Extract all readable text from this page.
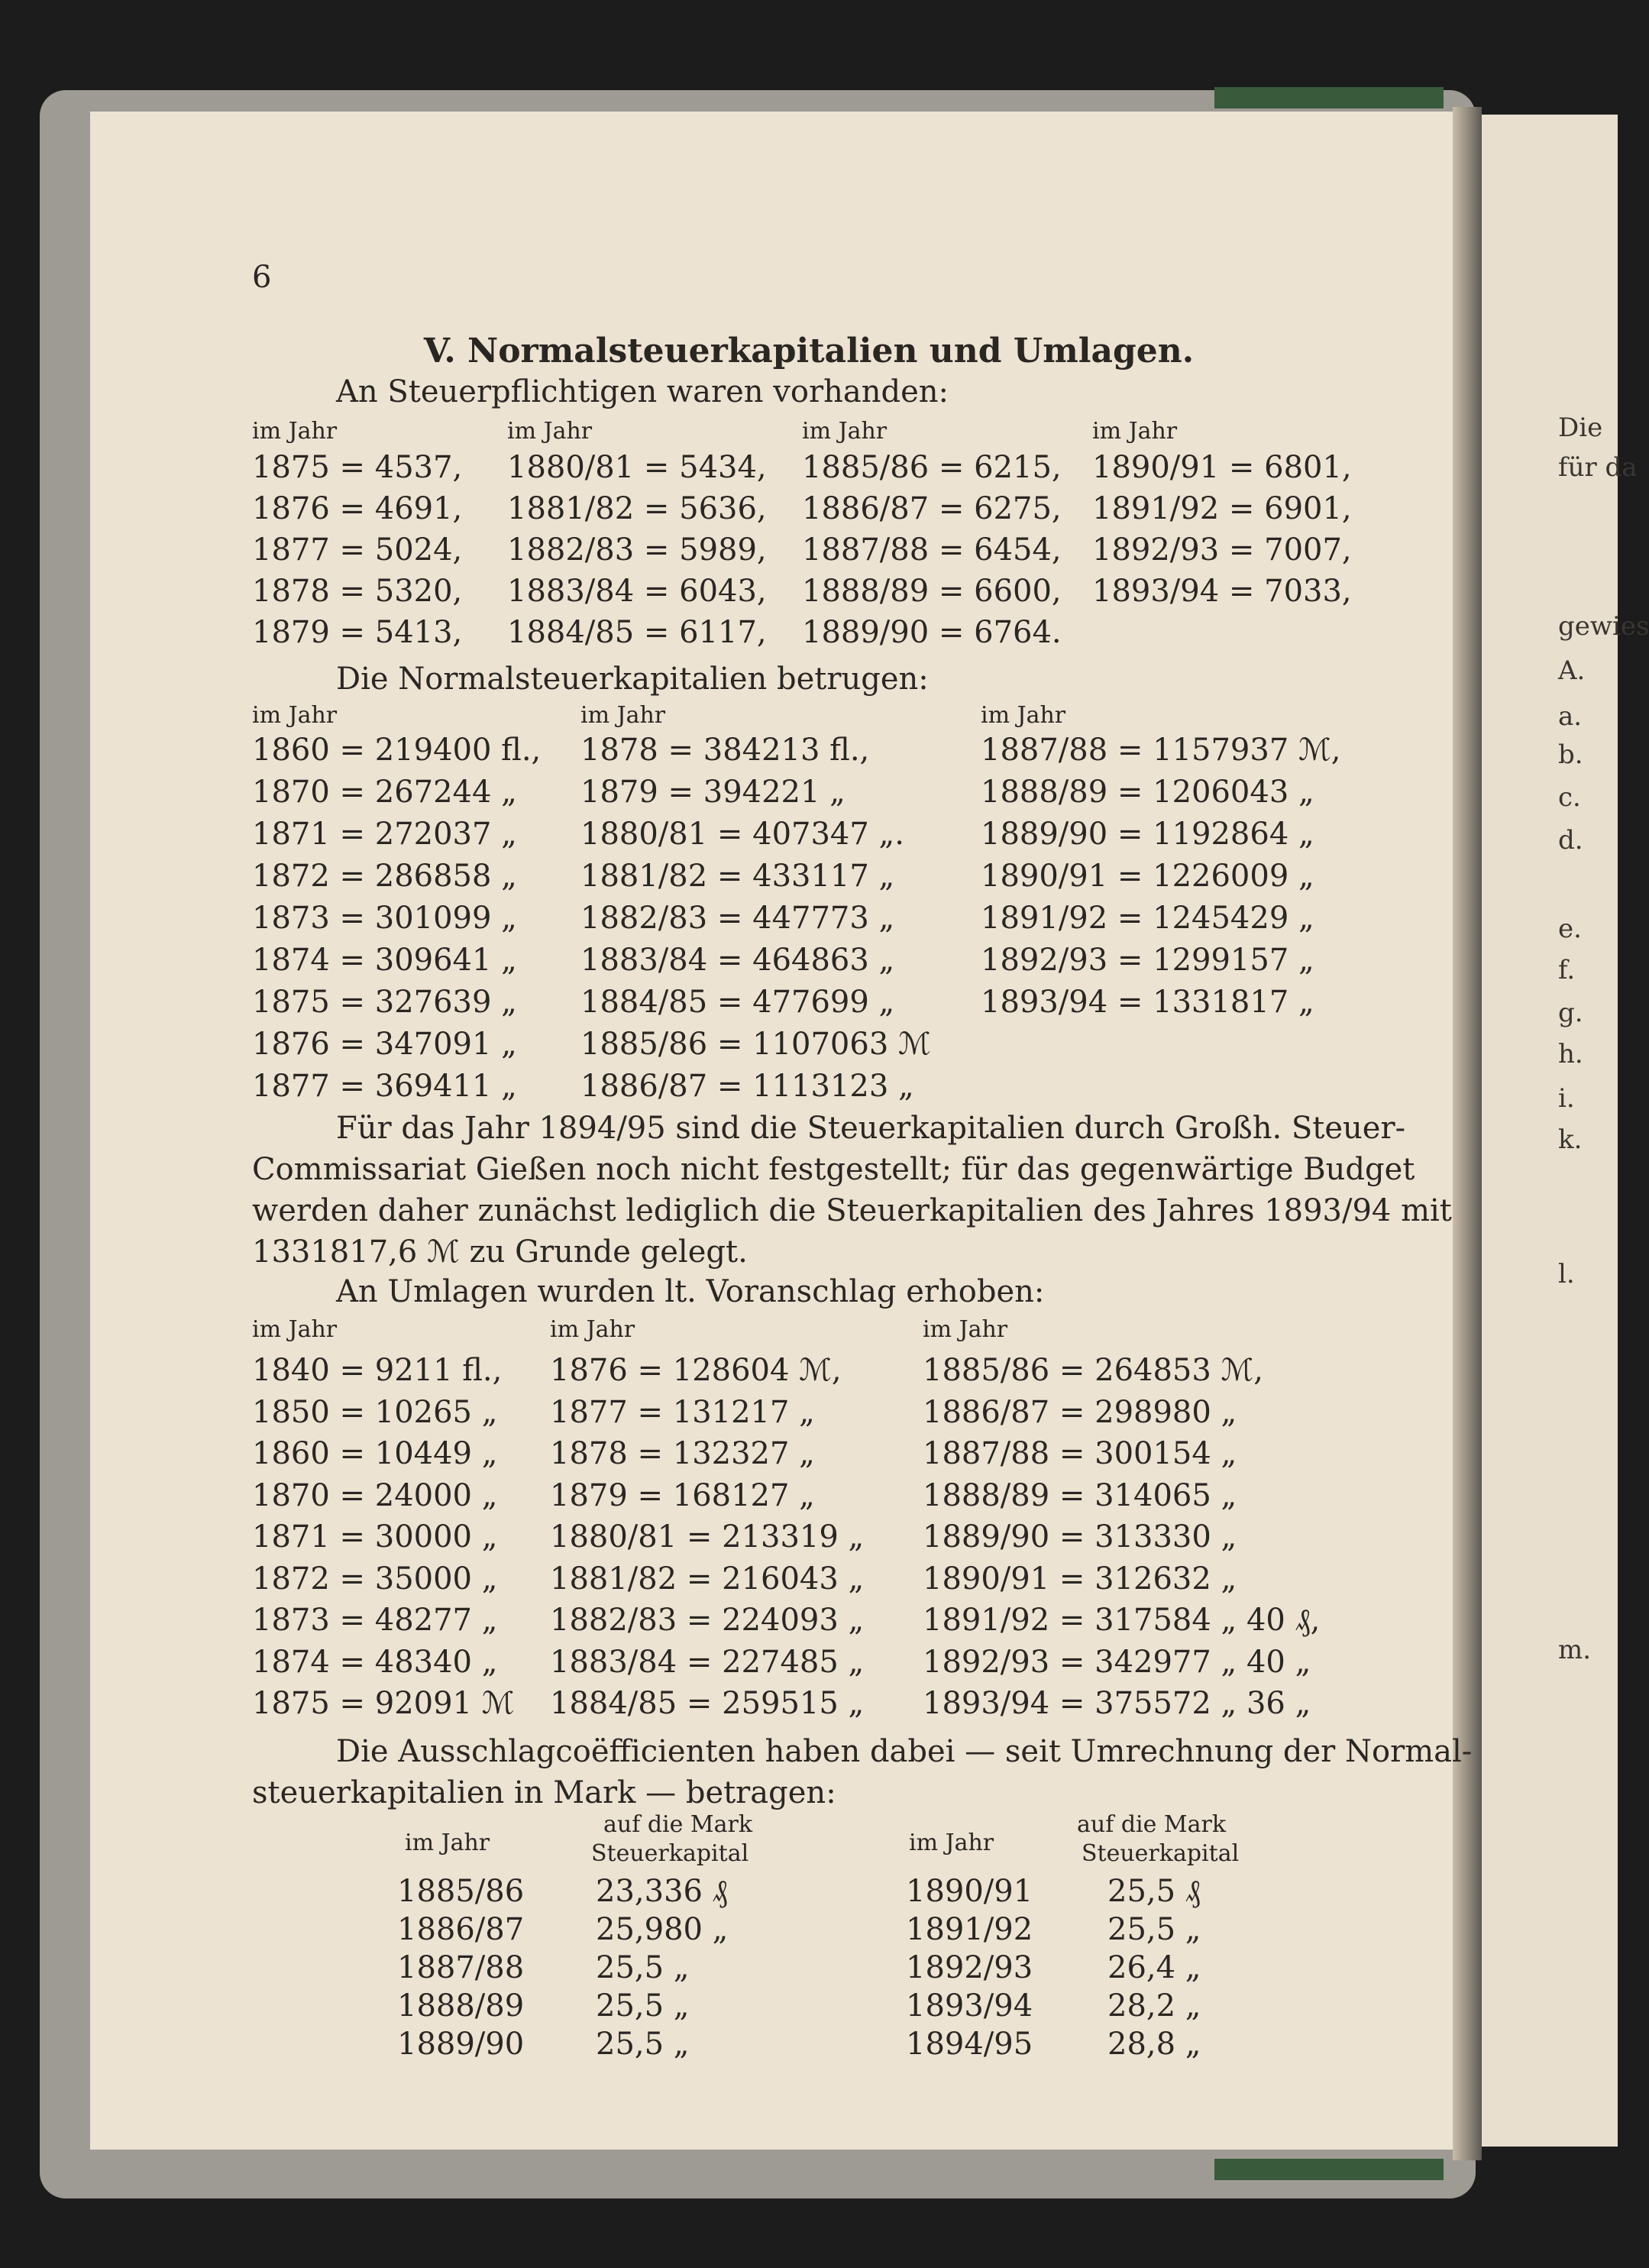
6
V. Normalsteuerkapitalien und Umlagen.
An Steuerpflichtigen waren vorhanden:
im Jahr
1875 = 4537,
1876 = 4691,
1877 = 5024,
1878 = 5320,
1879 = 5413,
im Jahr
1880/81 = 5434,
1881/82 = 5636,
1882/83 = 5989,
1883/84 = 6043,
1884/85 = 6117,
im Jahr
1885/86 = 6215,
1886/87 = 6275,
1887/88 = 6454,
1888/89 = 6600,
1889/90 = 6764.
im Jahr
1890/91 = 6801,
1891/92 = 6901,
1892/93 = 7007,
1893/94 = 7033,
Die Normalsteuerkapitalien betrugen:
im Jahr
1860 = 219400 fl.,
1870 = 267244 „
1871 = 272037 „
1872 = 286858 „
1873 = 301099 „
1874 = 309641 „
1875 = 327639 „
1876 = 347091 „
1877 = 369411 „
im Jahr
1878 = 384213 fl.,
1879 = 394221 „
1880/81 = 407347 „.
1881/82 = 433117 „
1882/83 = 447773 „
1883/84 = 464863 „
1884/85 = 477699 „
1885/86 = 1107063 ℳ
1886/87 = 1113123 „
im Jahr
1887/88 = 1157937 ℳ,
1888/89 = 1206043 „
1889/90 = 1192864 „
1890/91 = 1226009 „
1891/92 = 1245429 „
1892/93 = 1299157 „
1893/94 = 1331817 „
Für das Jahr 1894/95 sind die Steuerkapitalien durch Großh. Steuer-
Commissariat Gießen noch nicht festgestellt; für das gegenwärtige Budget
werden daher zunächst lediglich die Steuerkapitalien des Jahres 1893/94 mit
1331817,6 ℳ zu Grunde gelegt.
An Umlagen wurden lt. Voranschlag erhoben:
im Jahr
1840 = 9211 fl.,
1850 = 10265 „
1860 = 10449 „
1870 = 24000 „
1871 = 30000 „
1872 = 35000 „
1873 = 48277 „
1874 = 48340 „
1875 = 92091 ℳ
im Jahr
1876 = 128604 ℳ,
1877 = 131217 „
1878 = 132327 „
1879 = 168127 „
1880/81 = 213319 „
1881/82 = 216043 „
1882/83 = 224093 „
1883/84 = 227485 „
1884/85 = 259515 „
im Jahr
1885/86 = 264853 ℳ,
1886/87 = 298980 „
1887/88 = 300154 „
1888/89 = 314065 „
1889/90 = 313330 „
1890/91 = 312632 „
1891/92 = 317584 „ 40 ₰,
1892/93 = 342977 „ 40 „
1893/94 = 375572 „ 36 „
Die Ausschlagcoëfficienten haben dabei — seit Umrechnung der Normal-
steuerkapitalien in Mark — betragen:
im Jahr
auf die Mark
Steuerkapital	im Jahr
auf die Mark
Steuerkapital
1885/86 23,336 ₰
1886/87 25,980 „
1887/88 25,5 „
1888/89 25,5 „
1889/90 25,5 „
1890/91 25,5 ₰
1891/92 25,5 „
1892/93 26,4 „
1893/94 28,2 „
1894/95 28,8 „
Die
für da
gewies
A.
a.
b.
c.
d.
e.
f.
g.
h.
i.
k.
l.
m.
